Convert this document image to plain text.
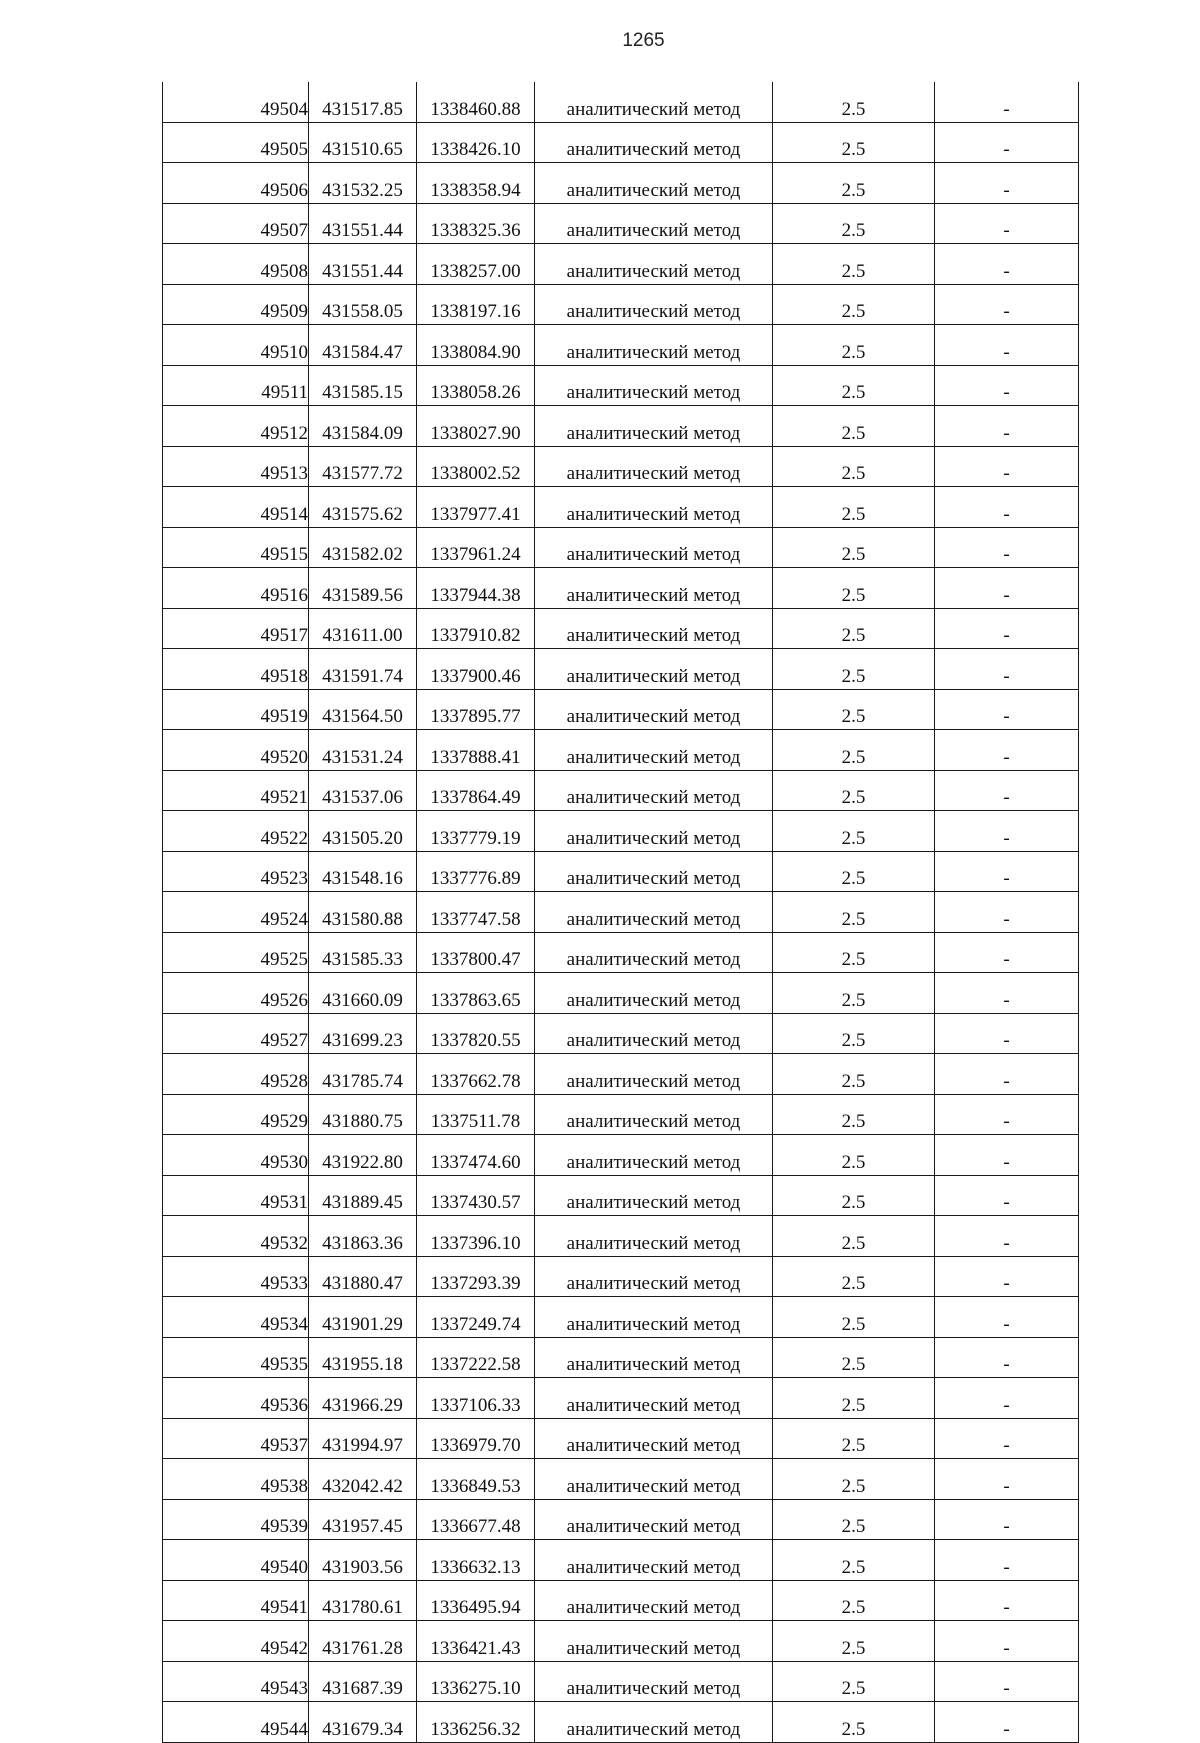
1265
49504	431517.85	1338460.88	аналитический метод	2.5	-
49505	431510.65	1338426.10	аналитический метод	2.5	-
49506	431532.25	1338358.94	аналитический метод	2.5	-
49507	431551.44	1338325.36	аналитический метод	2.5	-
49508	431551.44	1338257.00	аналитический метод	2.5	-
49509	431558.05	1338197.16	аналитический метод	2.5	-
49510	431584.47	1338084.90	аналитический метод	2.5	-
49511	431585.15	1338058.26	аналитический метод	2.5	-
49512	431584.09	1338027.90	аналитический метод	2.5	-
49513	431577.72	1338002.52	аналитический метод	2.5	-
49514	431575.62	1337977.41	аналитический метод	2.5	-
49515	431582.02	1337961.24	аналитический метод	2.5	-
49516	431589.56	1337944.38	аналитический метод	2.5	-
49517	431611.00	1337910.82	аналитический метод	2.5	-
49518	431591.74	1337900.46	аналитический метод	2.5	-
49519	431564.50	1337895.77	аналитический метод	2.5	-
49520	431531.24	1337888.41	аналитический метод	2.5	-
49521	431537.06	1337864.49	аналитический метод	2.5	-
49522	431505.20	1337779.19	аналитический метод	2.5	-
49523	431548.16	1337776.89	аналитический метод	2.5	-
49524	431580.88	1337747.58	аналитический метод	2.5	-
49525	431585.33	1337800.47	аналитический метод	2.5	-
49526	431660.09	1337863.65	аналитический метод	2.5	-
49527	431699.23	1337820.55	аналитический метод	2.5	-
49528	431785.74	1337662.78	аналитический метод	2.5	-
49529	431880.75	1337511.78	аналитический метод	2.5	-
49530	431922.80	1337474.60	аналитический метод	2.5	-
49531	431889.45	1337430.57	аналитический метод	2.5	-
49532	431863.36	1337396.10	аналитический метод	2.5	-
49533	431880.47	1337293.39	аналитический метод	2.5	-
49534	431901.29	1337249.74	аналитический метод	2.5	-
49535	431955.18	1337222.58	аналитический метод	2.5	-
49536	431966.29	1337106.33	аналитический метод	2.5	-
49537	431994.97	1336979.70	аналитический метод	2.5	-
49538	432042.42	1336849.53	аналитический метод	2.5	-
49539	431957.45	1336677.48	аналитический метод	2.5	-
49540	431903.56	1336632.13	аналитический метод	2.5	-
49541	431780.61	1336495.94	аналитический метод	2.5	-
49542	431761.28	1336421.43	аналитический метод	2.5	-
49543	431687.39	1336275.10	аналитический метод	2.5	-
49544	431679.34	1336256.32	аналитический метод	2.5	-
